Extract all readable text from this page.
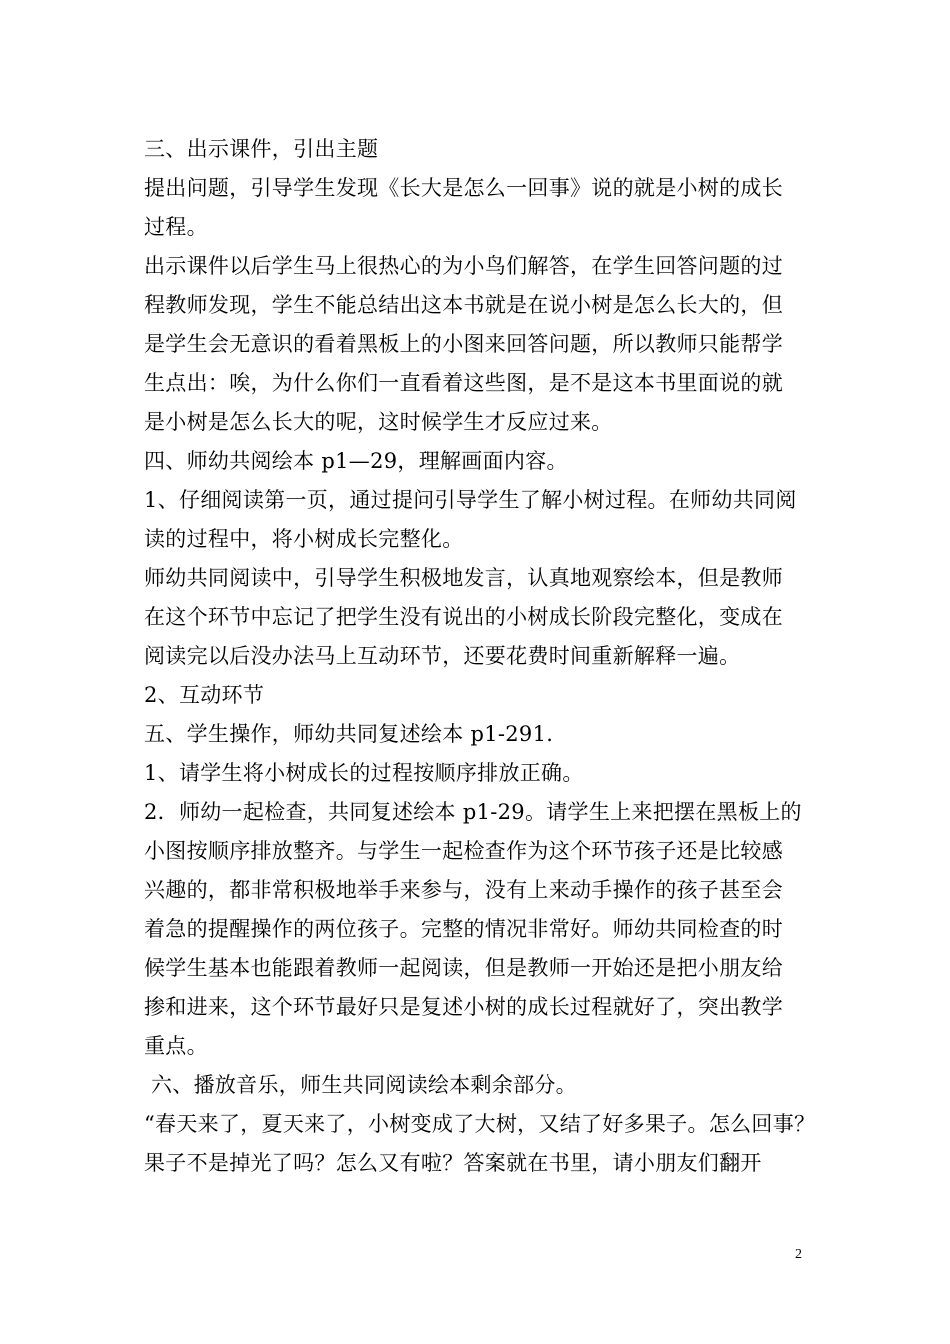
三、出示课件，引出主题
提出问题，引导学生发现《长大是怎么一回事》说的就是小树的成长
过程。
出示课件以后学生马上很热心的为小鸟们解答，在学生回答问题的过
程教师发现，学生不能总结出这本书就是在说小树是怎么长大的，但
是学生会无意识的看着黑板上的小图来回答问题，所以教师只能帮学
生点出：唉，为什么你们一直看着这些图，是不是这本书里面说的就
是小树是怎么长大的呢，这时候学生才反应过来。
四、师幼共阅绘本 p1—29，理解画面内容。
1、仔细阅读第一页，通过提问引导学生了解小树过程。在师幼共同阅
读的过程中，将小树成长完整化。
师幼共同阅读中，引导学生积极地发言，认真地观察绘本，但是教师
在这个环节中忘记了把学生没有说出的小树成长阶段完整化，变成在
阅读完以后没办法马上互动环节，还要花费时间重新解释一遍。
2、互动环节
五、学生操作，师幼共同复述绘本 p1-291.
1、请学生将小树成长的过程按顺序排放正确。
2．师幼一起检查，共同复述绘本 p1-29。请学生上来把摆在黑板上的
小图按顺序排放整齐。与学生一起检查作为这个环节孩子还是比较感
兴趣的，都非常积极地举手来参与，没有上来动手操作的孩子甚至会
着急的提醒操作的两位孩子。完整的情况非常好。师幼共同检查的时
候学生基本也能跟着教师一起阅读，但是教师一开始还是把小朋友给
掺和进来，这个环节最好只是复述小树的成长过程就好了，突出教学
重点。
六、播放音乐，师生共同阅读绘本剩余部分。
“春天来了，夏天来了，小树变成了大树，又结了好多果子。怎么回事？
果子不是掉光了吗？怎么又有啦？答案就在书里，请小朋友们翻开
2
